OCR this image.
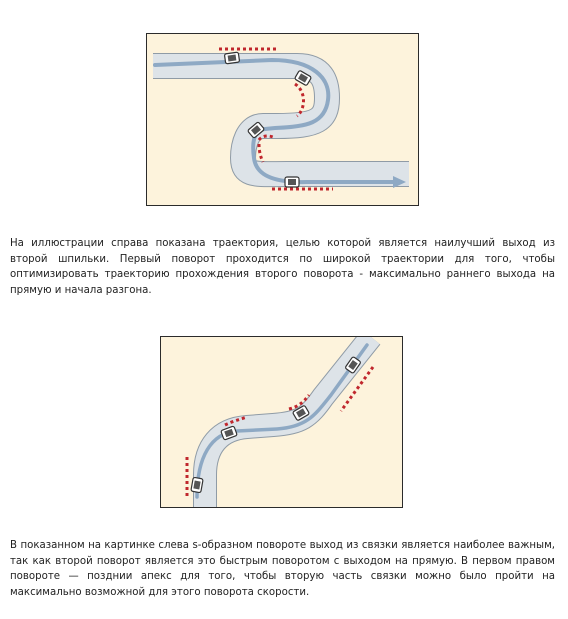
На иллюстрации справа показана траектория, целью которой является наилучший выход из второй шпильки. Первый поворот проходится по широкой траектории для того, чтобы оптимизировать траекторию прохождения второго поворота - максимально раннего выхода на прямую и начала разгона.

В показанном на картинке слева s-образном повороте выход из связки является наиболее важным, так как второй поворот является это быстрым поворотом с выходом на прямую. В первом правом повороте — позднии апекс для того, чтобы вторую часть связки можно было пройти на максимально возможной для этого поворота скорости.
